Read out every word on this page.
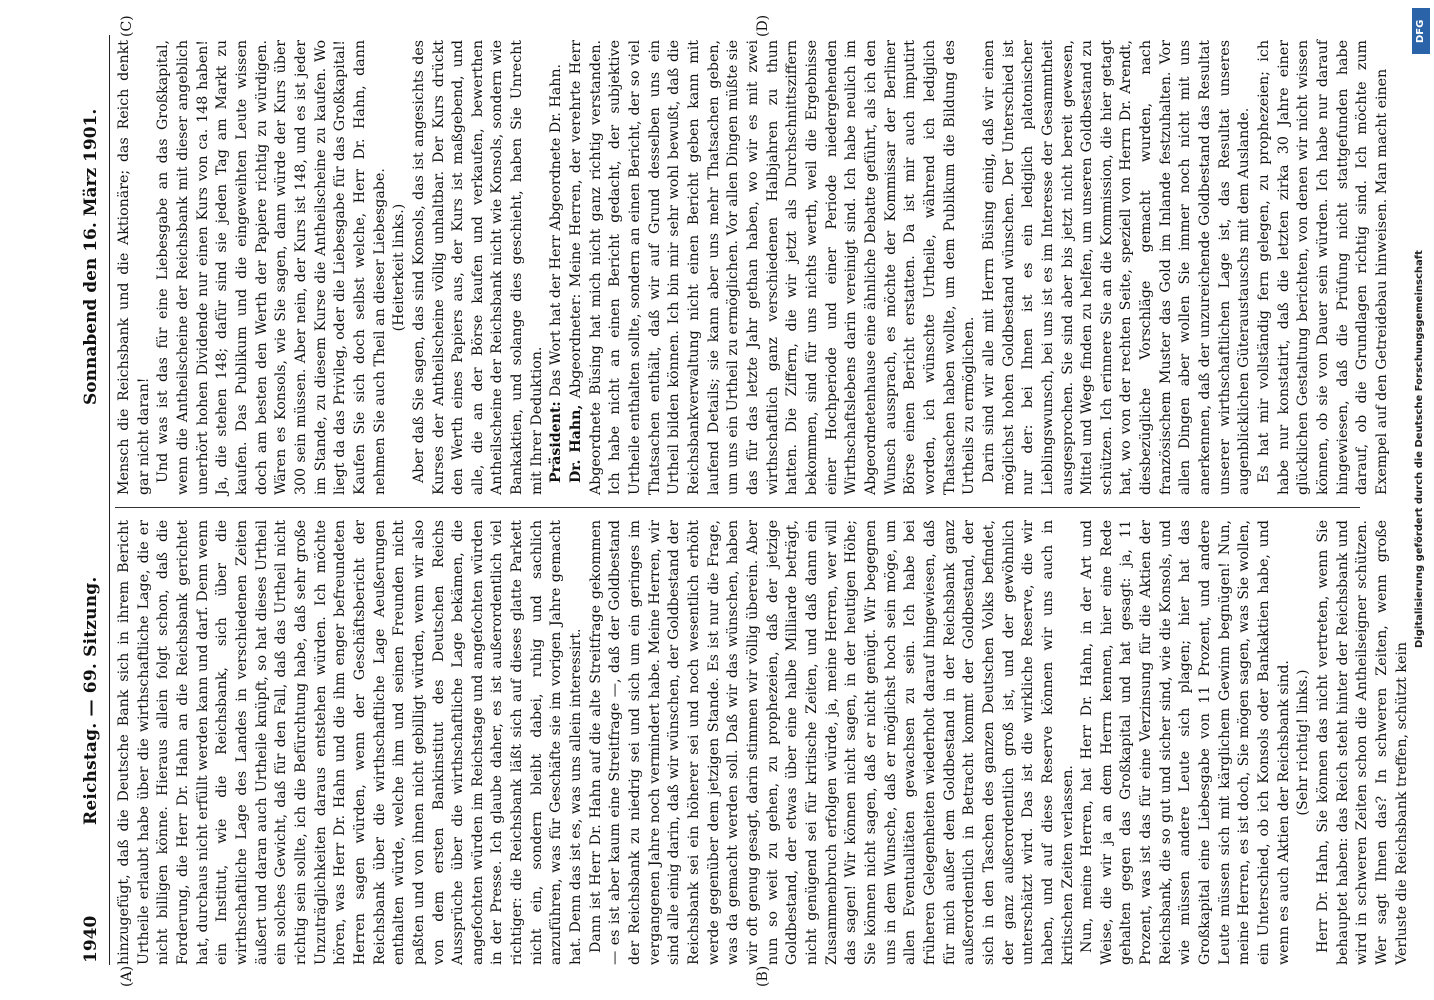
1940
Reichstag. — 69. Sitzung.
Sonnabend den 16. März 1901.
(A)	(B)
(C)	(D)

hinzugefügt, daß die Deutsche Bank sich in ihrem Bericht Urtheile erlaubt habe über die wirthschaftliche Lage, die er nicht billigen könne. Hieraus allein folgt schon, daß die Forderung, die Herr Dr. Hahn an die Reichsbank gerichtet hat, durchaus nicht erfüllt werden kann und darf. Denn wenn ein Institut, wie die Reichsbank, sich über die wirthschaftliche Lage des Landes in verschiedenen Zeiten äußert und daran auch Urtheile knüpft, so hat dieses Urtheil ein solches Gewicht, daß für den Fall, daß das Urtheil nicht richtig sein sollte, ich die Befürchtung habe, daß sehr große Unzuträglichkeiten daraus entstehen würden. Ich möchte hören, was Herr Dr. Hahn und die ihm enger befreundeten Herren sagen würden, wenn der Geschäftsbericht der Reichsbank über die wirthschaftliche Lage Aeußerungen enthalten würde, welche ihm und seinen Freunden nicht paßten und von ihnen nicht gebilligt würden, wenn wir also von dem ersten Bankinstitut des Deutschen Reichs Aussprüche über die wirthschaftliche Lage bekämen, die angefochten würden im Reichstage und angefochten würden in der Presse. Ich glaube daher, es ist außerordentlich viel richtiger: die Reichsbank läßt sich auf dieses glatte Parkett nicht ein, sondern bleibt dabei, ruhig und sachlich anzuführen, was für Geschäfte sie im vorigen Jahre gemacht hat. Denn das ist es, was uns allein interessirt. Dann ist Herr Dr. Hahn auf die alte Streitfrage gekommen — es ist aber kaum eine Streitfrage —, daß der Goldbestand der Reichsbank zu niedrig sei und sich um ein geringes im vergangenen Jahre noch vermindert habe. Meine Herren, wir sind alle einig darin, daß wir wünschen, der Goldbestand der Reichsbank sei ein höherer sei und noch wesentlich erhöht werde gegenüber dem jetzigen Stande. Es ist nur die Frage, was da gemacht werden soll. Daß wir das wünschen, haben wir oft genug gesagt, darin stimmen wir völlig überein. Aber nun so weit zu gehen, zu prophezeien, daß der jetzige Goldbestand, der etwas über eine halbe Milliarde beträgt, nicht genügend sei für kritische Zeiten, und daß dann ein Zusammenbruch erfolgen würde, ja, meine Herren, wer will das sagen! Wir können nicht sagen, in der heutigen Höhe; Sie können nicht sagen, daß er nicht genügt. Wir begegnen uns in dem Wunsche, daß er möglichst hoch sein möge, um allen Eventualitäten gewachsen zu sein. Ich habe bei früheren Gelegenheiten wiederholt darauf hingewiesen, daß für mich außer dem Goldbestand in der Reichsbank ganz außerordentlich in Betracht kommt der Goldbestand, der sich in den Taschen des ganzen Deutschen Volks befindet, der ganz außerordentlich groß ist, und der gewöhnlich unterschätzt wird. Das ist die wirkliche Reserve, die wir haben, und auf diese Reserve können wir uns auch in kritischen Zeiten verlassen. Nun, meine Herren, hat Herr Dr. Hahn, in der Art und Weise, die wir ja an dem Herrn kennen, hier eine Rede gehalten gegen das Großkapital und hat gesagt: ja, 11 Prozent, was ist das für eine Verzinsung für die Aktien der Reichsbank, die so gut und sicher sind, wie die Konsols, und wie müssen andere Leute sich plagen; hier hat das Großkapital eine Liebesgabe von 11 Prozent, und andere Leute müssen sich mit kärglichem Gewinn begnügen! Nun, meine Herren, es ist doch, Sie mögen sagen, was Sie wollen, ein Unterschied, ob ich Konsols oder Bankaktien habe, und wenn es auch Aktien der Reichsbank sind. (Sehr richtig! links.) Herr Dr. Hahn, Sie können das nicht vertreten, wenn Sie behauptet haben: das Reich steht hinter der Reichsbank und wird in schweren Zeiten schon die Antheilseigner schützen. Wer sagt Ihnen das? In schweren Zeiten, wenn große Verluste die Reichsbank treffen, schützt kein

Mensch die Reichsbank und die Aktionäre; das Reich denkt gar nicht daran! Und was ist das für eine Liebesgabe an das Großkapital, wenn die Antheilscheine der Reichsbank mit dieser angeblich unerhört hohen Dividende nur einen Kurs von ca. 148 haben! Ja, die stehen 148; dafür sind sie jeden Tag am Markt zu kaufen. Das Publikum und die eingeweihten Leute wissen doch am besten den Werth der Papiere richtig zu würdigen. Wären es Konsols, wie Sie sagen, dann würde der Kurs über 300 sein müssen. Aber nein, der Kurs ist 148, und es ist jeder im Stande, zu diesem Kurse die Antheilscheine zu kaufen. Wo liegt da das Privileg, oder die Liebesgabe für das Großkapital! Kaufen Sie sich doch selbst welche, Herr Dr. Hahn, dann nehmen Sie auch Theil an dieser Liebesgabe. (Heiterkeit links.) Aber daß Sie sagen, das sind Konsols, das ist angesichts des Kurses der Antheilscheine völlig unhaltbar. Der Kurs drückt den Werth eines Papiers aus, der Kurs ist maßgebend, und alle, die an der Börse kaufen und verkaufen, bewerthen Antheilscheine der Reichsbank nicht wie Konsols, sondern wie Bankaktien, und solange dies geschieht, haben Sie Unrecht mit Ihrer Deduktion. Präsident: Das Wort hat der Herr Abgeordnete Dr. Hahn.

Dr. Hahn, Abgeordneter: Meine Herren, der verehrte Herr Abgeordnete Büsing hat mich nicht ganz richtig verstanden. Ich habe nicht an einen Bericht gedacht, der subjektive Urtheile enthalten sollte, sondern an einen Bericht, der so viel Thatsachen enthält, daß wir auf Grund desselben uns ein Urtheil bilden können. Ich bin mir sehr wohl bewußt, daß die Reichsbankverwaltung nicht einen Bericht geben kann mit laufend Details; sie kann aber uns mehr Thatsachen geben, um uns ein Urtheil zu ermöglichen. Vor allen Dingen müßte sie das für das letzte Jahr gethan haben, wo wir es mit zwei wirthschaftlich ganz verschiedenen Halbjahren zu thun hatten. Die Ziffern, die wir jetzt als Durchschnittsziffern bekommen, sind für uns nichts werth, weil die Ergebnisse einer Hochperiode und einer Periode niedergehenden Wirthschaftslebens darin vereinigt sind. Ich habe neulich im Abgeordnetenhause eine ähnliche Debatte geführt, als ich den Wunsch aussprach, es möchte der Kommissar der Berliner Börse einen Bericht erstatten. Da ist mir auch imputirt worden, ich wünschte Urtheile, während ich lediglich Thatsachen haben wollte, um dem Publikum die Bildung des Urtheils zu ermöglichen. Darin sind wir alle mit Herrn Büsing einig, daß wir einen möglichst hohen Goldbestand wünschen. Der Unterschied ist nur der: bei Ihnen ist es ein lediglich platonischer Lieblingswunsch, bei uns ist es im Interesse der Gesammtheit ausgesprochen. Sie sind aber bis jetzt nicht bereit gewesen, Mittel und Wege finden zu helfen, um unseren Goldbestand zu schützen. Ich erinnere Sie an die Kommission, die hier getagt hat, wo von der rechten Seite, speziell von Herrn Dr. Arendt, diesbezügliche Vorschläge gemacht wurden, nach französischem Muster das Gold im Inlande festzuhalten. Vor allen Dingen aber wollen Sie immer noch nicht mit uns anerkennen, daß der unzureichende Goldbestand das Resultat unserer wirthschaftlichen Lage ist, das Resultat unseres augenblicklichen Güteraustauschs mit dem Auslande. Es hat mir vollständig fern gelegen, zu prophezeien; ich habe nur konstatirt, daß die letzten zirka 30 Jahre einer glücklichen Gestaltung berichten, von denen wir nicht wissen können, ob sie von Dauer sein würden. Ich habe nur darauf hingewiesen, daß die Prüfung nicht stattgefunden habe darauf, ob die Grundlagen richtig sind. Ich möchte zum Exempel auf den Getreidebau hinweisen. Man macht einen

DFG
Digitalisierung gefördert durch die Deutsche Forschungsgemeinschaft
